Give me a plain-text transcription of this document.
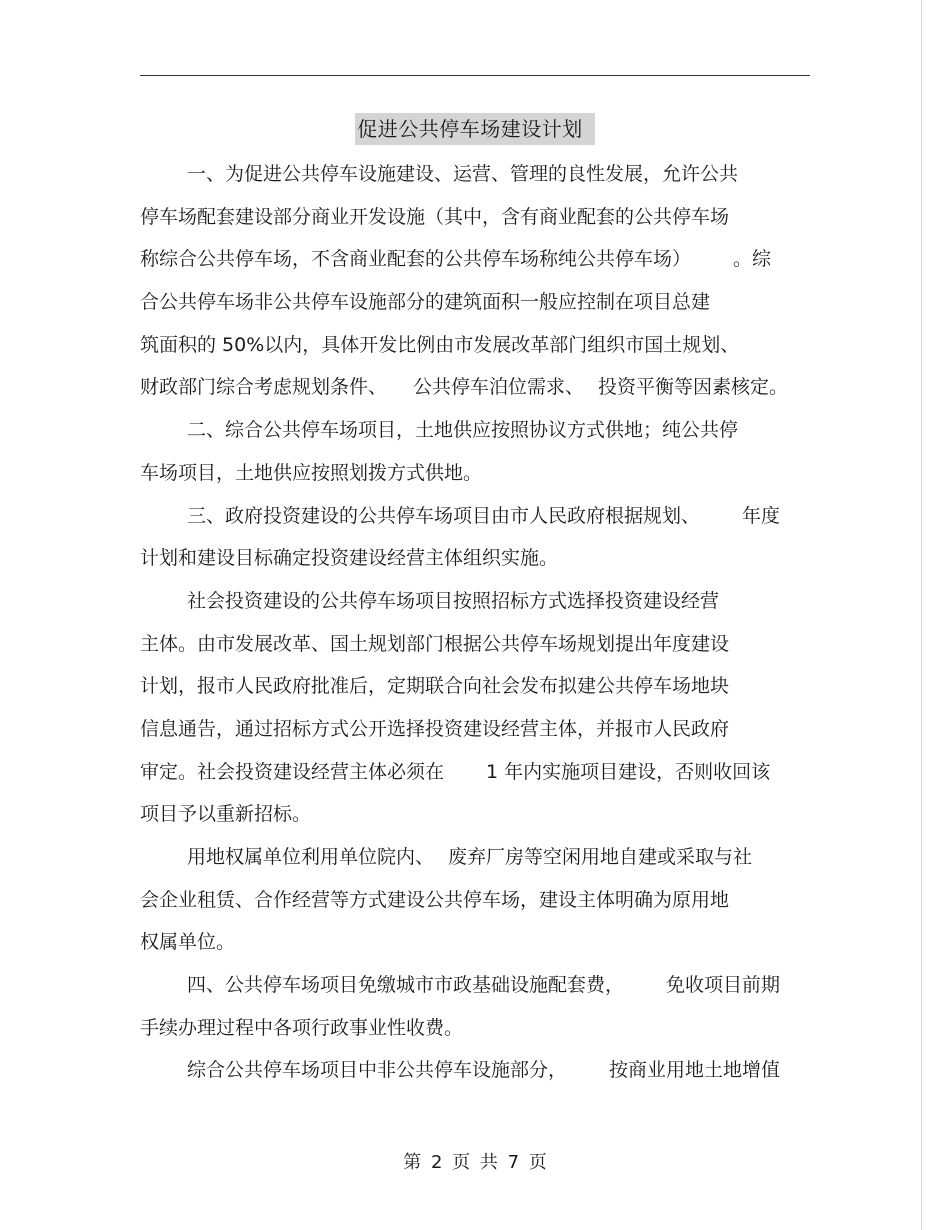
促进公共停车场建设计划
一、为促进公共停车设施建设、运营、管理的良性发展，允许公共
停车场配套建设部分商业开发设施（其中，含有商业配套的公共停车场
称综合公共停车场，不含商业配套的公共停车场称纯公共停车场） 。综
合公共停车场非公共停车设施部分的建筑面积一般应控制在项目总建
筑面积的 50%以内，具体开发比例由市发展改革部门组织市国土规划、
财政部门综合考虑规划条件、 公共停车泊位需求、 投资平衡等因素核定。
二、综合公共停车场项目，土地供应按照协议方式供地；纯公共停
车场项目，土地供应按照划拨方式供地。
三、政府投资建设的公共停车场项目由市人民政府根据规划、 年度
计划和建设目标确定投资建设经营主体组织实施。
社会投资建设的公共停车场项目按照招标方式选择投资建设经营
主体。由市发展改革、国土规划部门根据公共停车场规划提出年度建设
计划，报市人民政府批准后，定期联合向社会发布拟建公共停车场地块
信息通告，通过招标方式公开选择投资建设经营主体，并报市人民政府
审定。社会投资建设经营主体必须在 1 年内实施项目建设，否则收回该
项目予以重新招标。
用地权属单位利用单位院内、 废弃厂房等空闲用地自建或采取与社
会企业租赁、合作经营等方式建设公共停车场，建设主体明确为原用地
权属单位。
四、公共停车场项目免缴城市市政基础设施配套费， 免收项目前期
手续办理过程中各项行政事业性收费。
综合公共停车场项目中非公共停车设施部分， 按商业用地土地增值
第 2 页 共 7 页
